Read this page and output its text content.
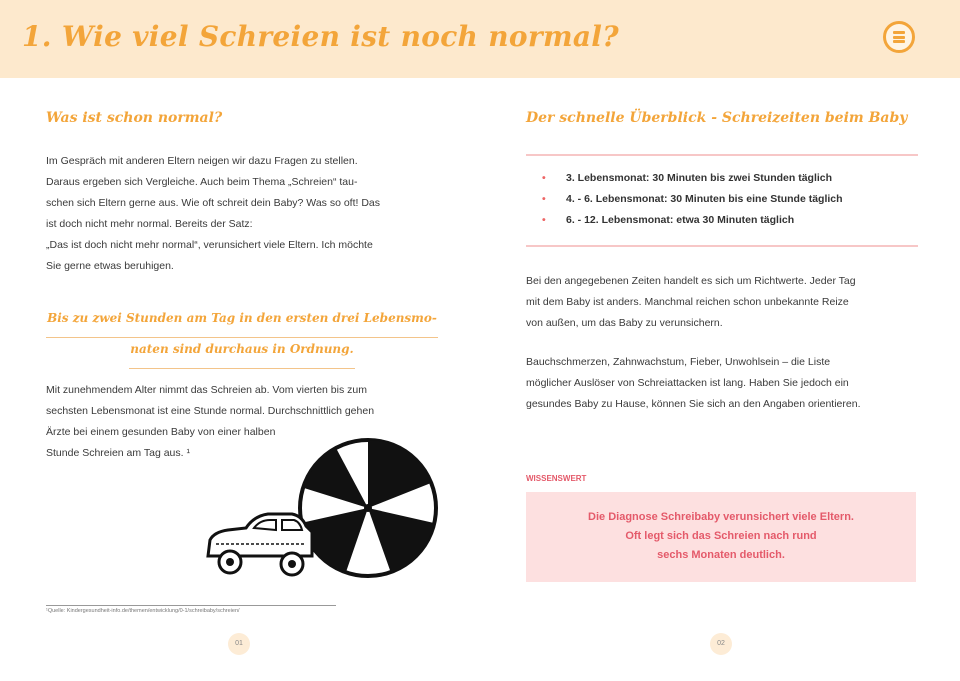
1. Wie viel Schreien ist noch normal?
Was ist schon normal?
Im Gespräch mit anderen Eltern neigen wir dazu Fragen zu stellen.
Daraus ergeben sich Vergleiche. Auch beim Thema „Schreien“ tau-
schen sich Eltern gerne aus. Wie oft schreit dein Baby? Was so oft! Das
ist doch nicht mehr normal. Bereits der Satz:
„Das ist doch nicht mehr normal“, verunsichert viele Eltern. Ich möchte
Sie gerne etwas beruhigen.
Bis zu zwei Stunden am Tag in den ersten drei Lebensmo-
naten sind durchaus in Ordnung.
Mit zunehmendem Alter nimmt das Schreien ab. Vom vierten bis zum
sechsten Lebensmonat ist eine Stunde normal. Durchschnittlich gehen
Ärzte bei einem gesunden Baby von einer halben
Stunde Schreien am Tag aus. ¹
¹Quelle: Kindergesundheit-info.de/themen/entwicklung/0-1/schreibaby/schreien/
01
Der schnelle Überblick - Schreizeiten beim Baby
• 3. Lebensmonat: 30 Minuten bis zwei Stunden täglich
• 4. - 6. Lebensmonat: 30 Minuten bis eine Stunde täglich
• 6. - 12. Lebensmonat: etwa 30 Minuten täglich
Bei den angegebenen Zeiten handelt es sich um Richtwerte. Jeder Tag
mit dem Baby ist anders. Manchmal reichen schon unbekannte Reize
von außen, um das Baby zu verunsichern.
Bauchschmerzen, Zahnwachstum, Fieber, Unwohlsein – die Liste
möglicher Auslöser von Schreiattacken ist lang. Haben Sie jedoch ein
gesundes Baby zu Hause, können Sie sich an den Angaben orientieren.
WISSENSWERT
Die Diagnose Schreibaby verunsichert viele Eltern.
Oft legt sich das Schreien nach rund
sechs Monaten deutlich.
02
